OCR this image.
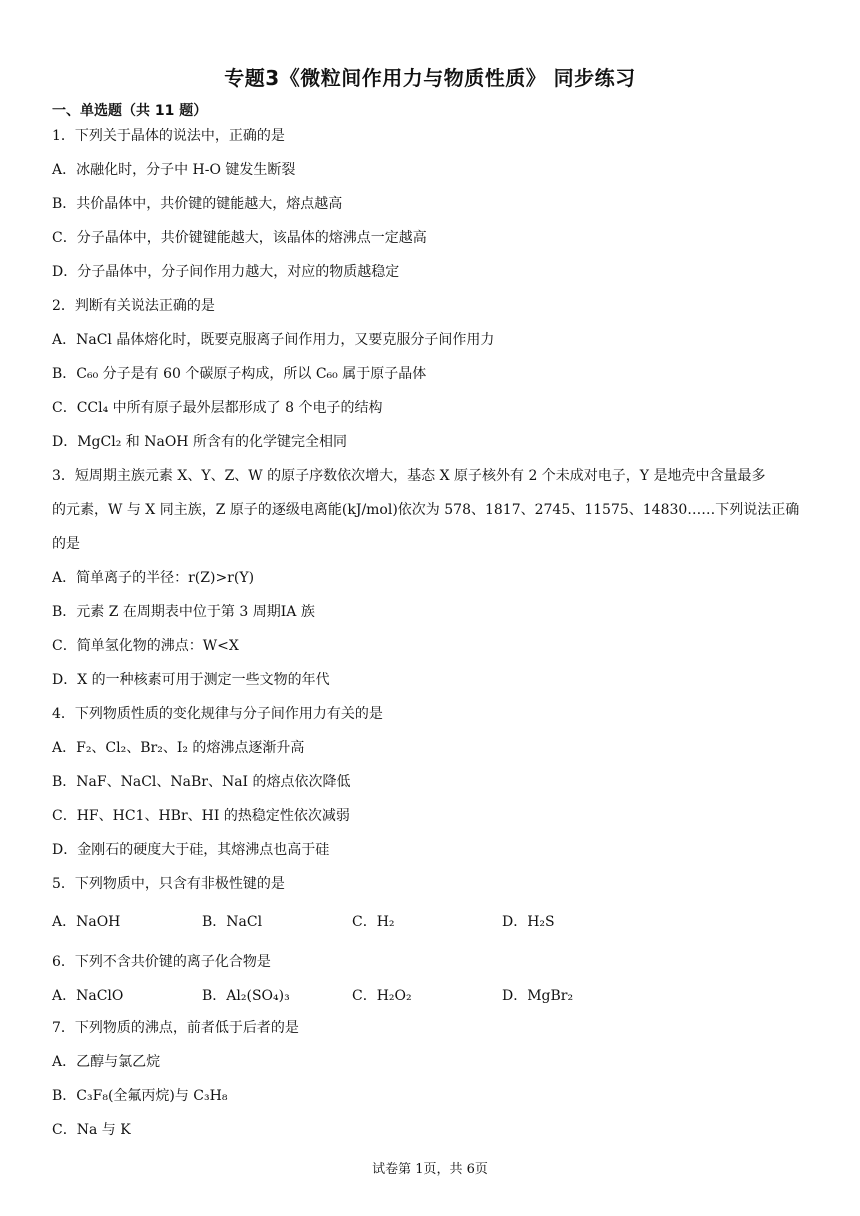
专题3《微粒间作用力与物质性质》 同步练习
一、单选题（共 11 题）
1．下列关于晶体的说法中，正确的是
A．冰融化时，分子中 H-O 键发生断裂
B．共价晶体中，共价键的键能越大，熔点越高
C．分子晶体中，共价键键能越大，该晶体的熔沸点一定越高
D．分子晶体中，分子间作用力越大，对应的物质越稳定
2．判断有关说法正确的是
A．NaCl 晶体熔化时，既要克服离子间作用力，又要克服分子间作用力
B．C₆₀ 分子是有 60 个碳原子构成，所以 C₆₀ 属于原子晶体
C．CCl₄ 中所有原子最外层都形成了 8 个电子的结构
D．MgCl₂ 和 NaOH 所含有的化学键完全相同
3．短周期主族元素 X、Y、Z、W 的原子序数依次增大，基态 X 原子核外有 2 个未成对电子，Y 是地壳中含量最多
的元素，W 与 X 同主族，Z 原子的逐级电离能(kJ/mol)依次为 578、1817、2745、11575、14830……下列说法正确
的是
A．简单离子的半径：r(Z)>r(Y)
B．元素 Z 在周期表中位于第 3 周期IA 族
C．简单氢化物的沸点：W<X
D．X 的一种核素可用于测定一些文物的年代
4．下列物质性质的变化规律与分子间作用力有关的是
A．F₂、Cl₂、Br₂、I₂ 的熔沸点逐渐升高
B．NaF、NaCl、NaBr、NaI 的熔点依次降低
C．HF、HC1、HBr、HI 的热稳定性依次减弱
D．金刚石的硬度大于硅，其熔沸点也高于硅
5．下列物质中，只含有非极性键的是
A．NaOH	B．NaCl	C．H₂	D．H₂S
6．下列不含共价键的离子化合物是
A．NaClO	B．Al₂(SO₄)₃	C．H₂O₂	D．MgBr₂
7．下列物质的沸点，前者低于后者的是
A．乙醇与氯乙烷
B．C₃F₈(全氟丙烷)与 C₃H₈
C．Na 与 K
试卷第 1页，共 6页
